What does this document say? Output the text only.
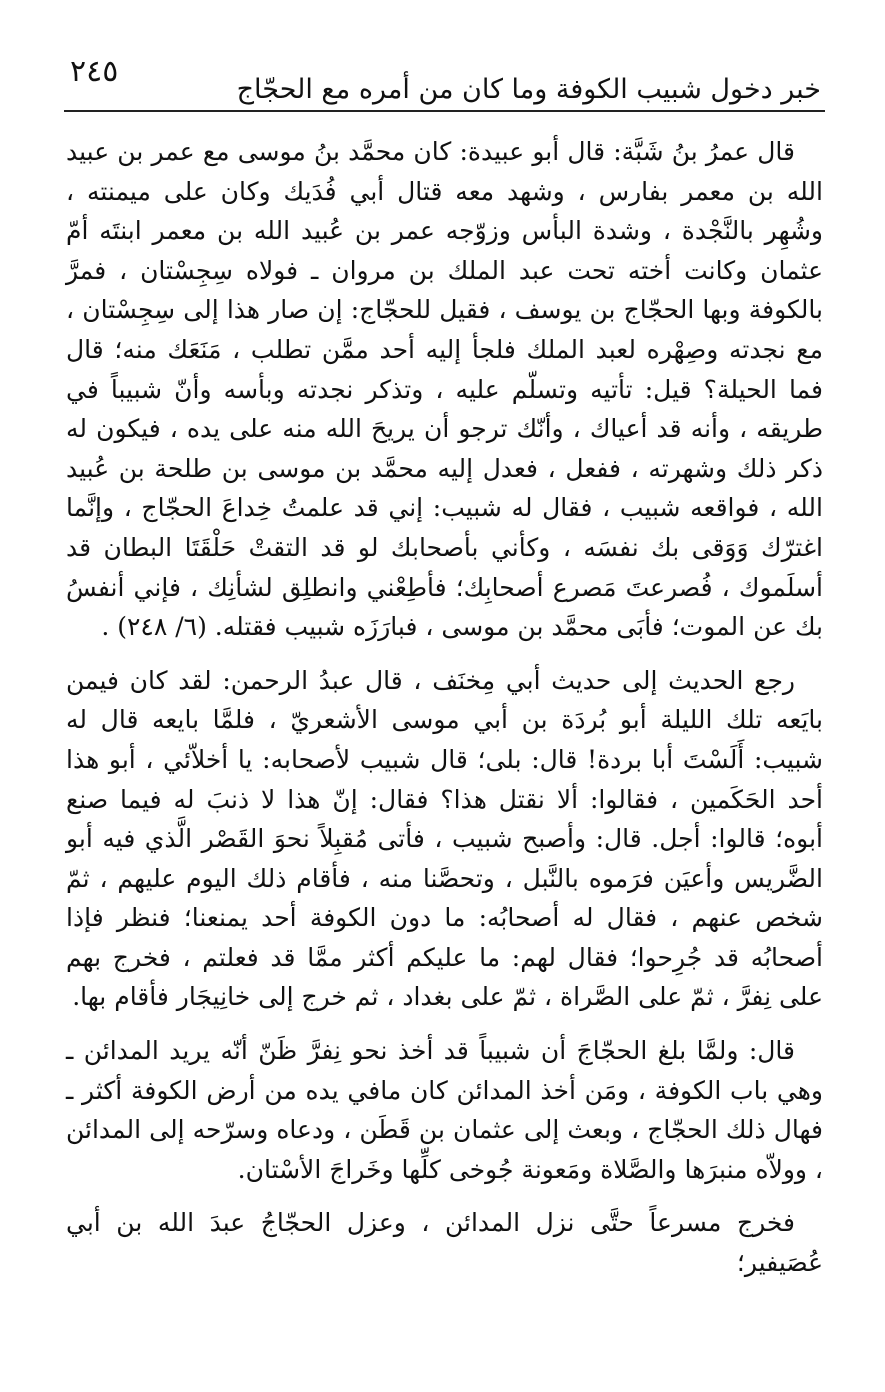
٢٤٥
خبر دخول شبيب الكوفة وما كان من أمره مع الحجّاج

قال عمرُ بنُ شَبَّة: قال أبو عبيدة: كان محمَّد بنُ موسى مع عمر بن عبيد الله بن معمر بفارس ، وشهد معه قتال أبي فُدَيك وكان على ميمنته ، وشُهِر بالنَّجْدة ، وشدة البأس وزوّجه عمر بن عُبيد الله بن معمر ابنتَه أمّ عثمان وكانت أخته تحت عبد الملك بن مروان ـ فولاه سِجِسْتان ، فمرَّ بالكوفة وبها الحجّاج بن يوسف ، فقيل للحجّاج: إن صار هذا إلى سِجِسْتان ، مع نجدته وصِهْره لعبد الملك فلجأ إليه أحد ممَّن تطلب ، مَنَعَك منه؛ قال فما الحيلة؟ قيل: تأتيه وتسلّم عليه ، وتذكر نجدته وبأسه وأنّ شبيباً في طريقه ، وأنه قد أعياك ، وأنّك ترجو أن يريحَ الله منه على يده ، فيكون له ذكر ذلك وشهرته ، ففعل ، فعدل إليه محمَّد بن موسى بن طلحة بن عُبيد الله ، فواقعه شبيب ، فقال له شبيب: إني قد علمتُ خِداعَ الحجّاج ، وإنَّما اغترّك وَوَقى بك نفسَه ، وكأني بأصحابك لو قد التقتْ حَلْقَتَا البطان قد أسلَموك ، فُصرعتَ مَصرع أصحابِك؛ فأطِعْني وانطلِق لشأنِك ، فإني أنفسُ بك عن الموت؛ فأبَى محمَّد بن موسى ، فبارَزَه شبيب فقتله. (٦/ ٢٤٨) .

رجع الحديث إلى حديث أبي مِخنَف ، قال عبدُ الرحمن: لقد كان فيمن بايَعه تلك الليلة أبو بُردَة بن أبي موسى الأشعريّ ، فلمَّا بايعه قال له شبيب: أَلَسْتَ أبا بردة! قال: بلى؛ قال شبيب لأصحابه: يا أخلاّئي ، أبو هذا أحد الحَكَمين ، فقالوا: ألا نقتل هذا؟ فقال: إنّ هذا لا ذنبَ له فيما صنع أبوه؛ قالوا: أجل. قال: وأصبح شبيب ، فأتى مُقبِلاً نحوَ القَصْر الَّذي فيه أبو الضَّريس وأعيَن فرَموه بالنَّبل ، وتحصَّنا منه ، فأقام ذلك اليوم عليهم ، ثمّ شخص عنهم ، فقال له أصحابُه: ما دون الكوفة أحد يمنعنا؛ فنظر فإذا أصحابُه قد جُرِحوا؛ فقال لهم: ما عليكم أكثر ممَّا قد فعلتم ، فخرج بهم على نِفرَّ ، ثمّ على الصَّراة ، ثمّ على بغداد ، ثم خرج إلى خانِيجَار فأقام بها.

قال: ولمَّا بلغ الحجّاجَ أن شبيباً قد أخذ نحو نِفرَّ ظَنّ أنّه يريد المدائن ـ وهي باب الكوفة ، ومَن أخذ المدائن كان مافي يده من أرض الكوفة أكثر ـ فهال ذلك الحجّاج ، وبعث إلى عثمان بن قَطَن ، ودعاه وسرّحه إلى المدائن ، وولاّه منبرَها والصَّلاة ومَعونة جُوخى كلِّها وخَراجَ الأسْتان.

فخرج مسرعاً حتَّى نزل المدائن ، وعزل الحجّاجُ عبدَ الله بن أبي عُصَيفير؛
